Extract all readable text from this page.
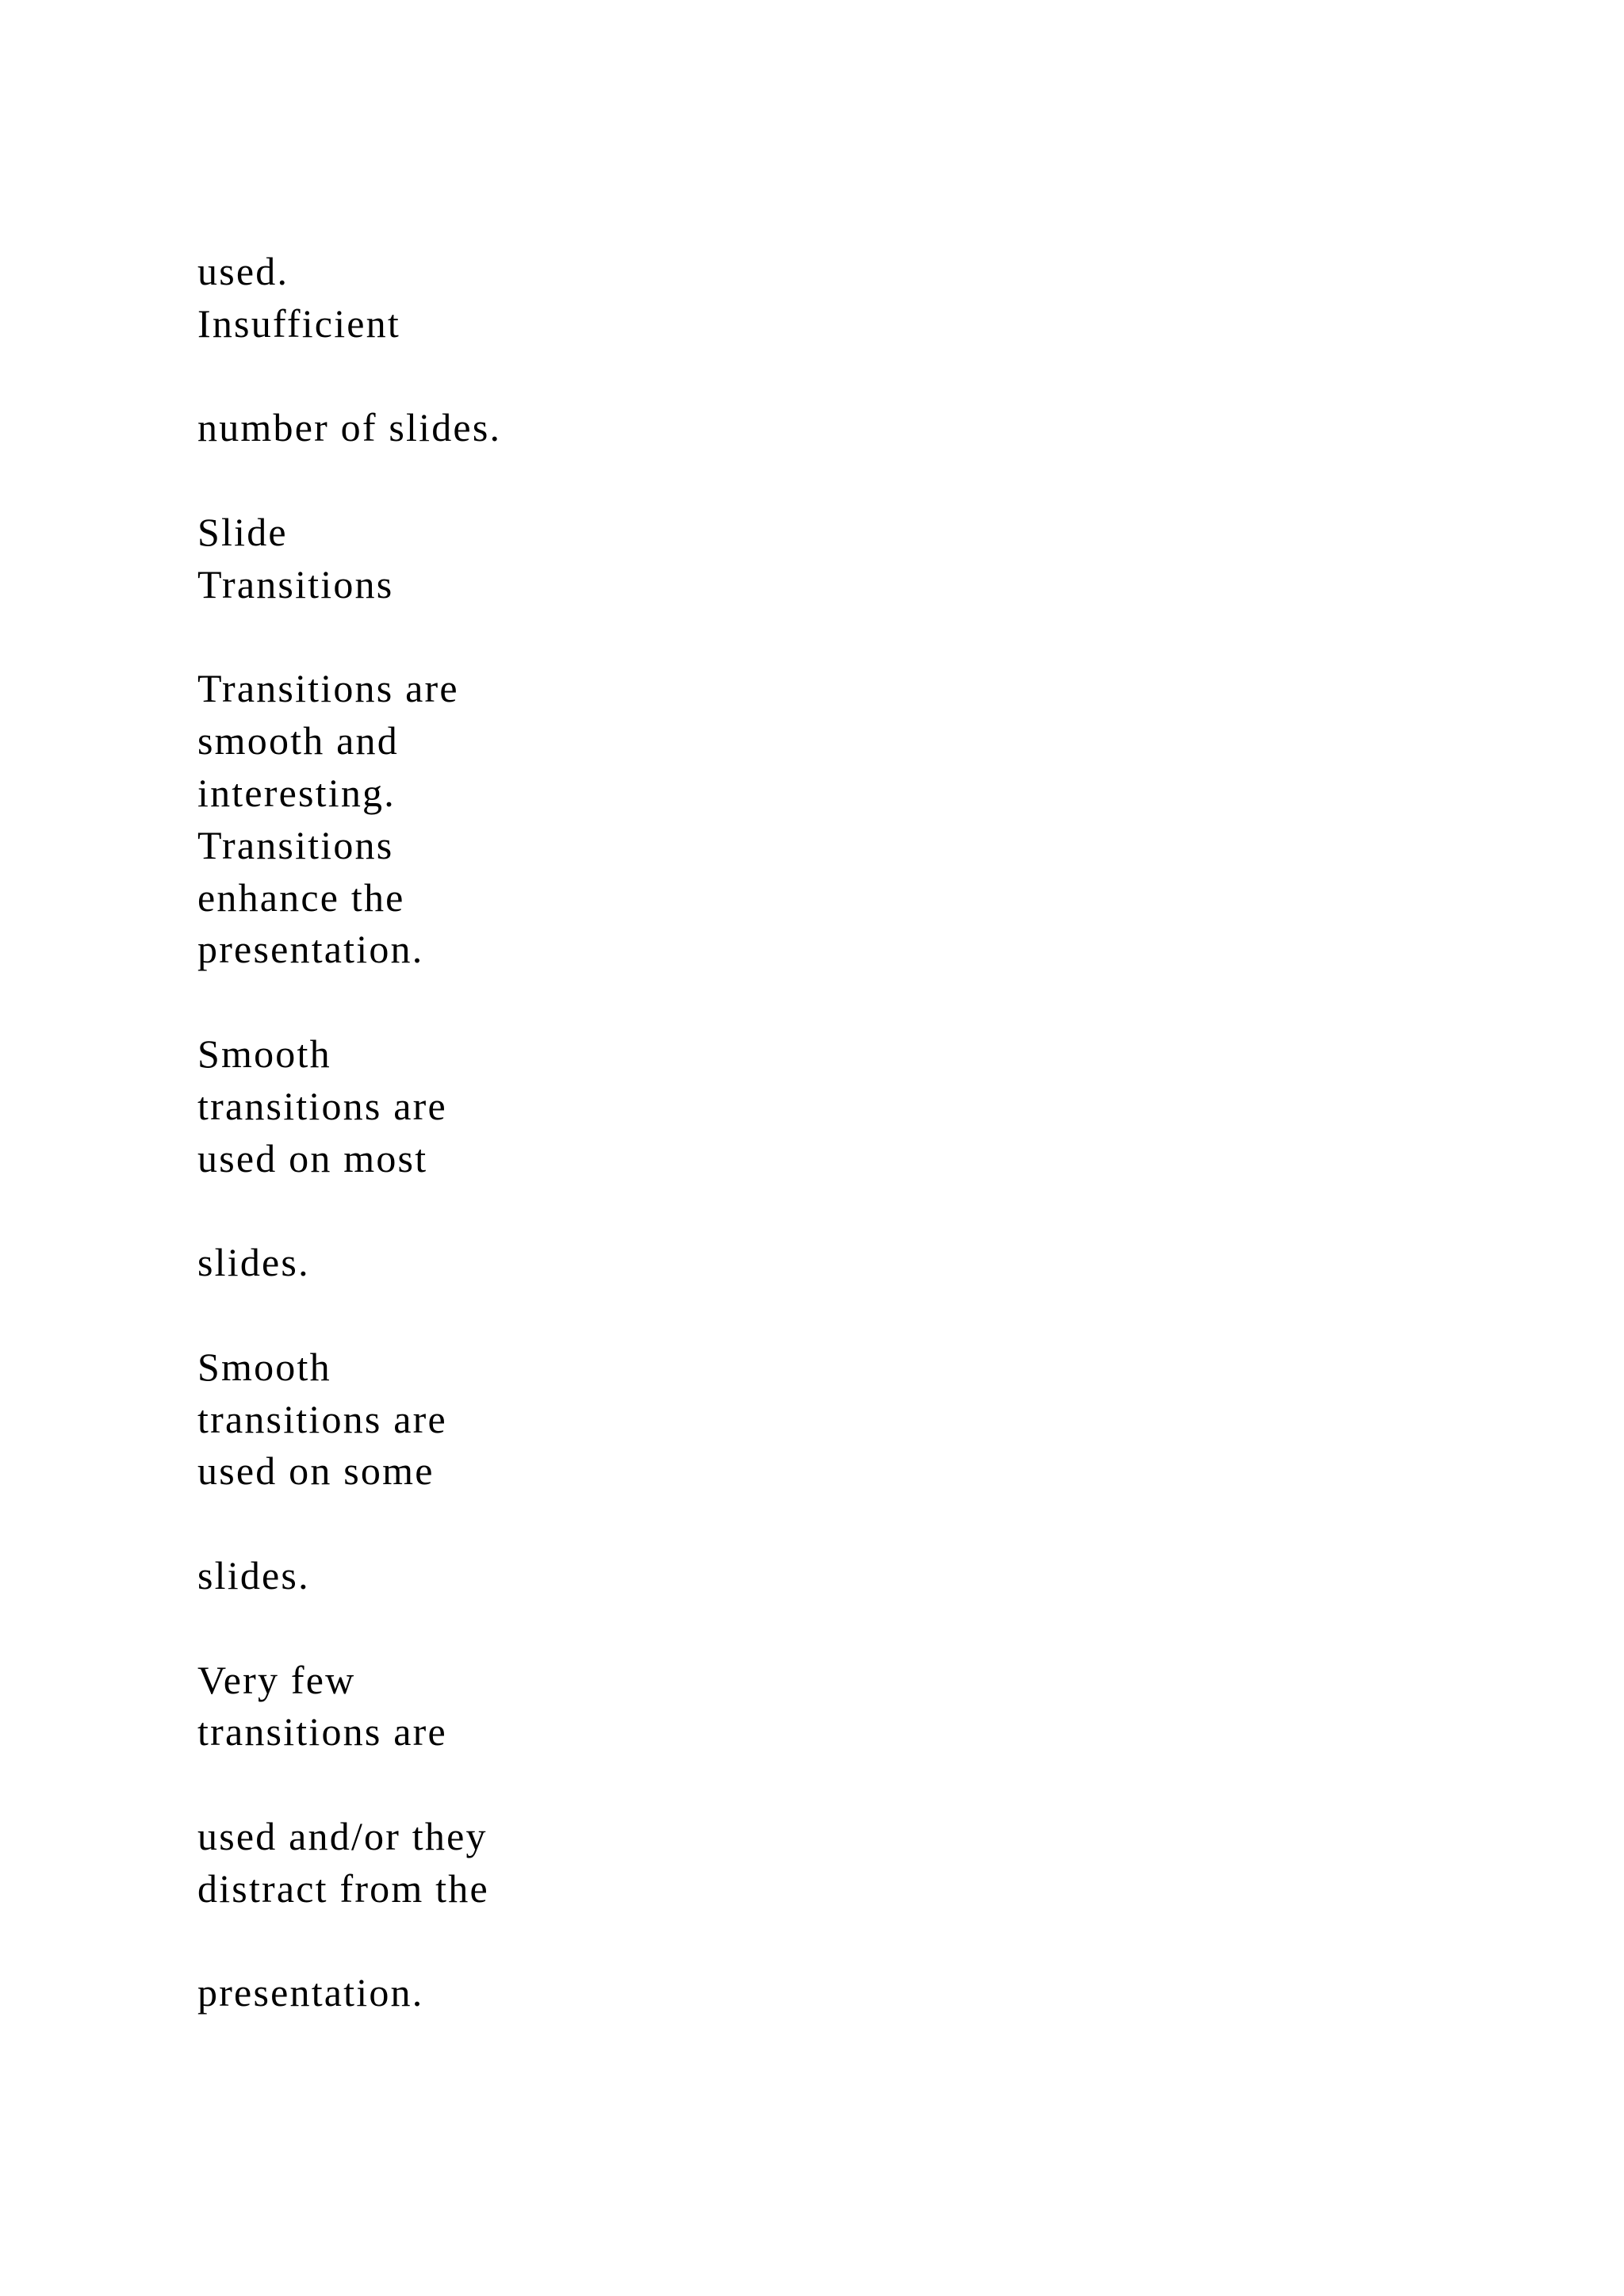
used.
Insufficient
number of slides.
Slide
Transitions
Transitions are
smooth and
interesting.
Transitions
enhance the
presentation.
Smooth
transitions are
used on most
slides.
Smooth
transitions are
used on some
slides.
Very few
transitions are
used and/or they
distract from the
presentation.
